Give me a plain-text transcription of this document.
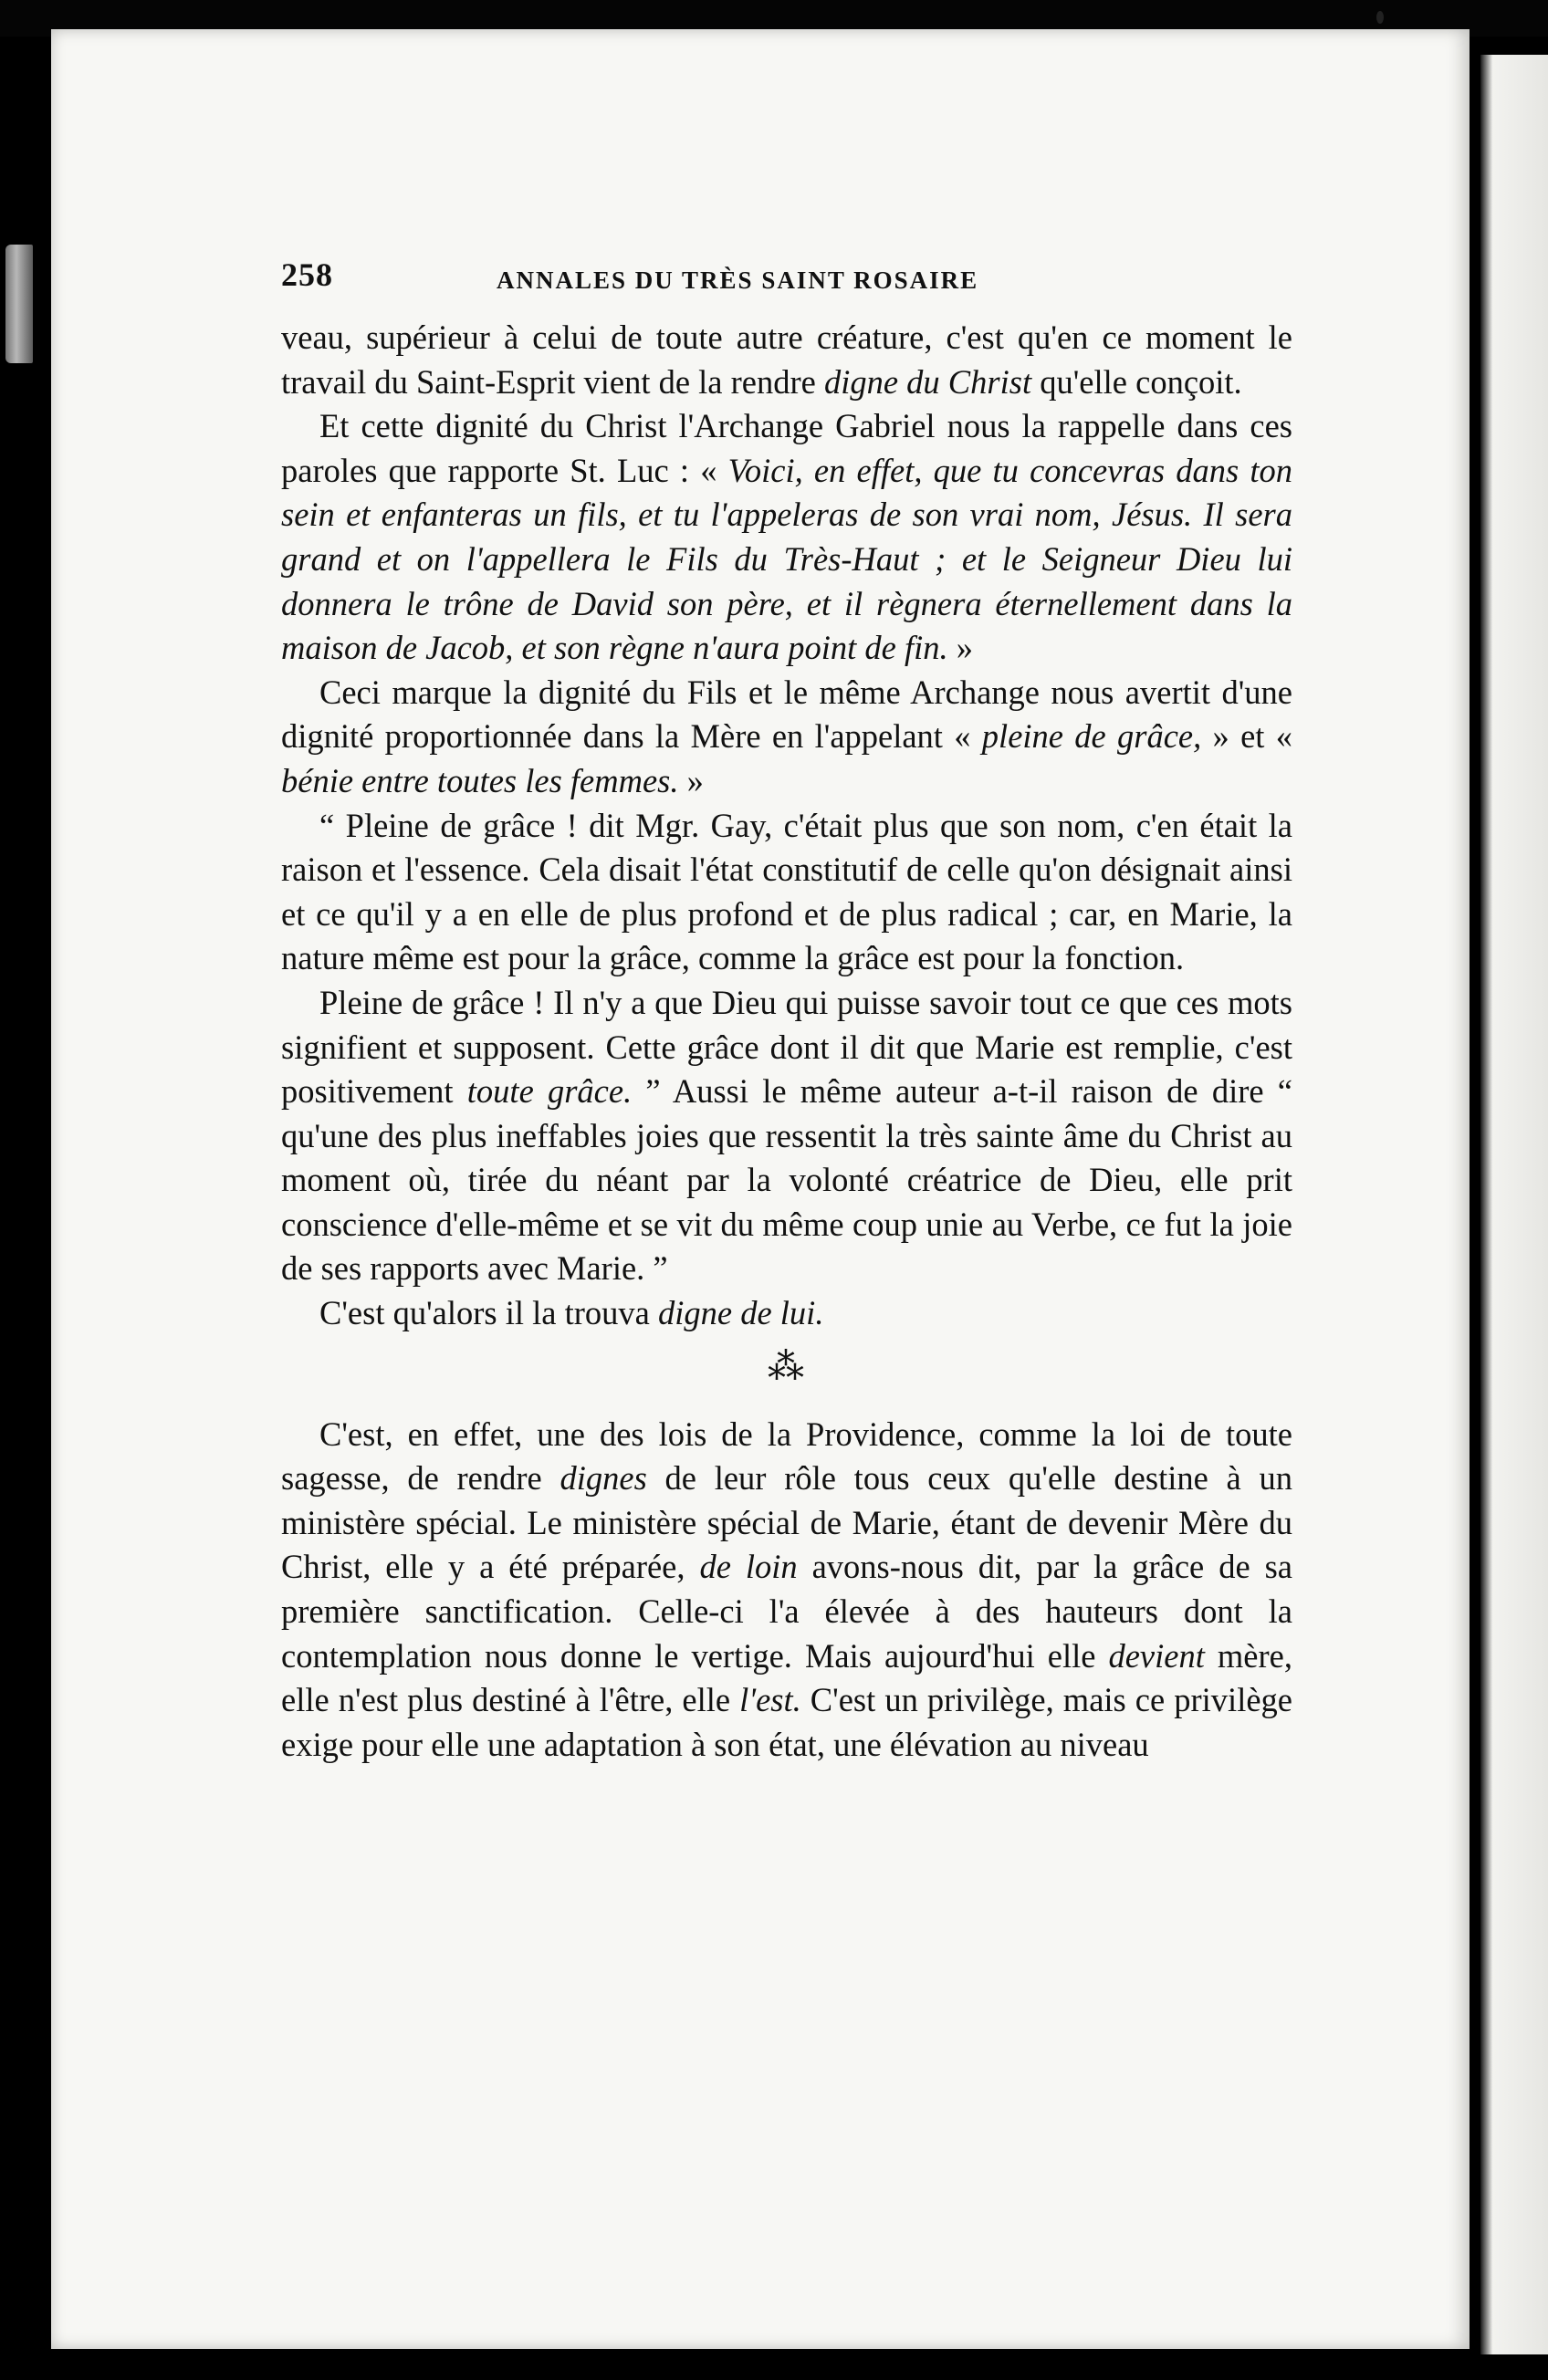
258	ANNALES DU TRÈS SAINT ROSAIRE

veau, supérieur à celui de toute autre créature, c'est qu'en ce moment le travail du Saint-Esprit vient de la rendre digne du Christ qu'elle conçoit.

Et cette dignité du Christ l'Archange Gabriel nous la rappelle dans ces paroles que rapporte St. Luc : « Voici, en effet, que tu concevras dans ton sein et enfanteras un fils, et tu l'appeleras de son vrai nom, Jésus. Il sera grand et on l'appellera le Fils du Très-Haut ; et le Seigneur Dieu lui donnera le trône de David son père, et il règnera éternellement dans la maison de Jacob, et son règne n'aura point de fin. »

Ceci marque la dignité du Fils et le même Archange nous avertit d'une dignité proportionnée dans la Mère en l'appelant « pleine de grâce, » et « bénie entre toutes les femmes. »

“ Pleine de grâce ! dit Mgr. Gay, c'était plus que son nom, c'en était la raison et l'essence. Cela disait l'état constitutif de celle qu'on désignait ainsi et ce qu'il y a en elle de plus profond et de plus radical ; car, en Marie, la nature même est pour la grâce, comme la grâce est pour la fonction.

Pleine de grâce ! Il n'y a que Dieu qui puisse savoir tout ce que ces mots signifient et supposent. Cette grâce dont il dit que Marie est remplie, c'est positivement toute grâce. ” Aussi le même auteur a-t-il raison de dire “ qu'une des plus ineffables joies que ressentit la très sainte âme du Christ au moment où, tirée du néant par la volonté créatrice de Dieu, elle prit conscience d'elle-même et se vit du même coup unie au Verbe, ce fut la joie de ses rapports avec Marie. ”

C'est qu'alors il la trouva digne de lui.

⁂

C'est, en effet, une des lois de la Providence, comme la loi de toute sagesse, de rendre dignes de leur rôle tous ceux qu'elle destine à un ministère spécial. Le ministère spécial de Marie, étant de devenir Mère du Christ, elle y a été préparée, de loin avons-nous dit, par la grâce de sa première sanctification. Celle-ci l'a élevée à des hauteurs dont la contemplation nous donne le vertige. Mais aujourd'hui elle devient mère, elle n'est plus destiné à l'être, elle l'est. C'est un privilège, mais ce privilège exige pour elle une adaptation à son état, une élévation au niveau
